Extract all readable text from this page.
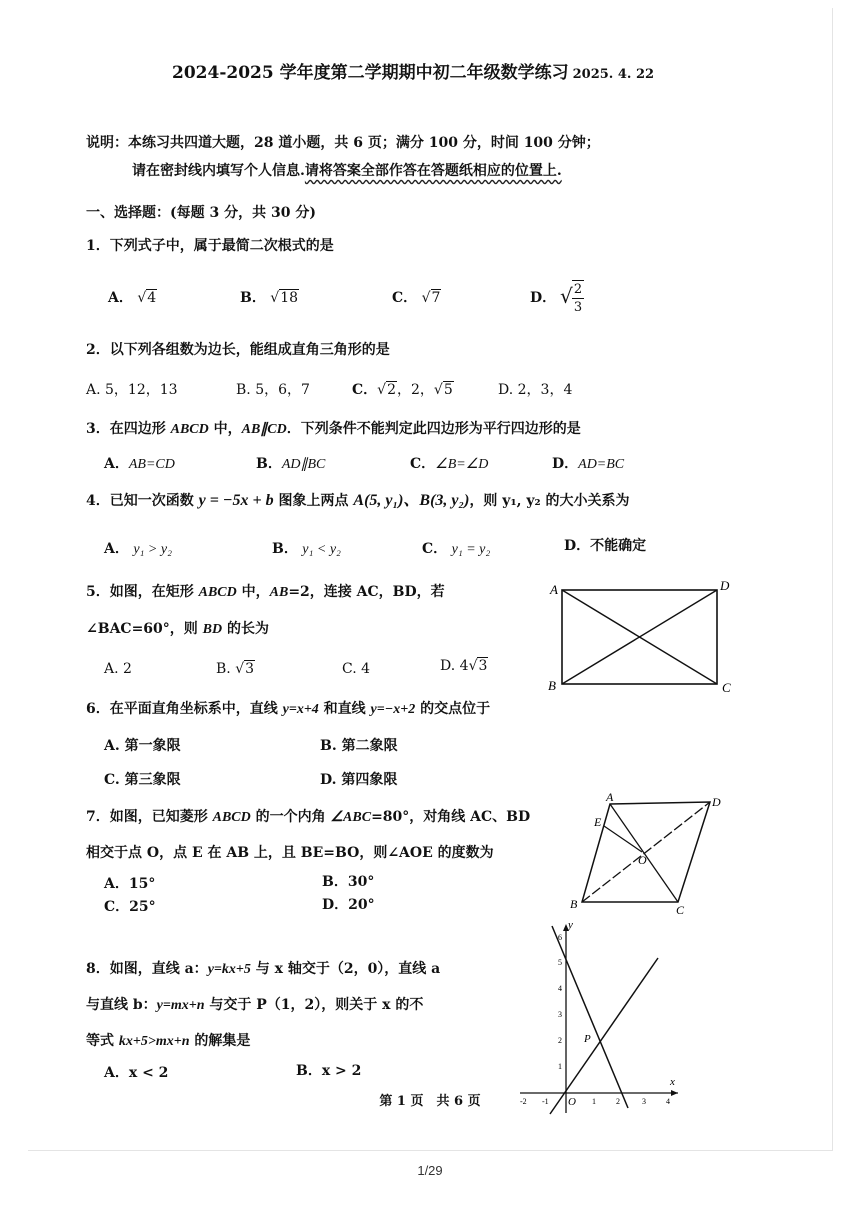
2024-2025 学年度第二学期期中初二年级数学练习 2025. 4. 22
说明：本练习共四道大题，28 道小题，共 6 页；满分 100 分，时间 100 分钟；
请在密封线内填写个人信息.请将答案全部作答在答题纸相应的位置上.
一、选择题：(每题 3 分，共 30 分)
1．下列式子中，属于最简二次根式的是
A． √4	B． √18	C． √7	D． √ 2
3
2．以下列各组数为边长，能组成直角三角形的是
A. 5，12，13	B. 5，6，7	C．√2，2，√5	D. 2，3，4
3．在四边形 ABCD 中，AB∥CD．下列条件不能判定此四边形为平行四边形的是
A．AB=CD	B．AD∥BC	C．∠B=∠D	D．AD=BC
4．已知一次函数 y = −5x + b 图象上两点 A(5, y₁)、B(3, y₂)，则 y₁, y₂ 的大小关系为
A． y₁ > y₂	B． y₁ < y₂	C． y₁ = y₂	D．不能确定
5．如图，在矩形 ABCD 中，AB=2，连接 AC，BD，若
∠BAC=60°，则 BD 的长为
A. 2	B. √3	C. 4	D. 4√3
A	D
B	C
6．在平面直角坐标系中，直线 y=x+4 和直线 y=−x+2 的交点位于
A. 第一象限	B. 第二象限
C. 第三象限	D. 第四象限
7．如图，已知菱形 ABCD 的一个内角 ∠ABC=80°，对角线 AC、BD
相交于点 O，点 E 在 AB 上，且 BE=BO，则∠AOE 的度数为
A．15°	B．30°
C．25°	D．20°
A	D
E
O
B	C
8．如图，直线 a：y=kx+5 与 x 轴交于（2，0），直线 a
与直线 b：y=mx+n 与交于 P（1，2），则关于 x 的不
等式 kx+5>mx+n 的解集是
A．x < 2	B．x > 2
y
x
O
P
1
2
3
4
5
6
-2 -1	1	2	3	4
第 1 页　共 6 页
1/29
